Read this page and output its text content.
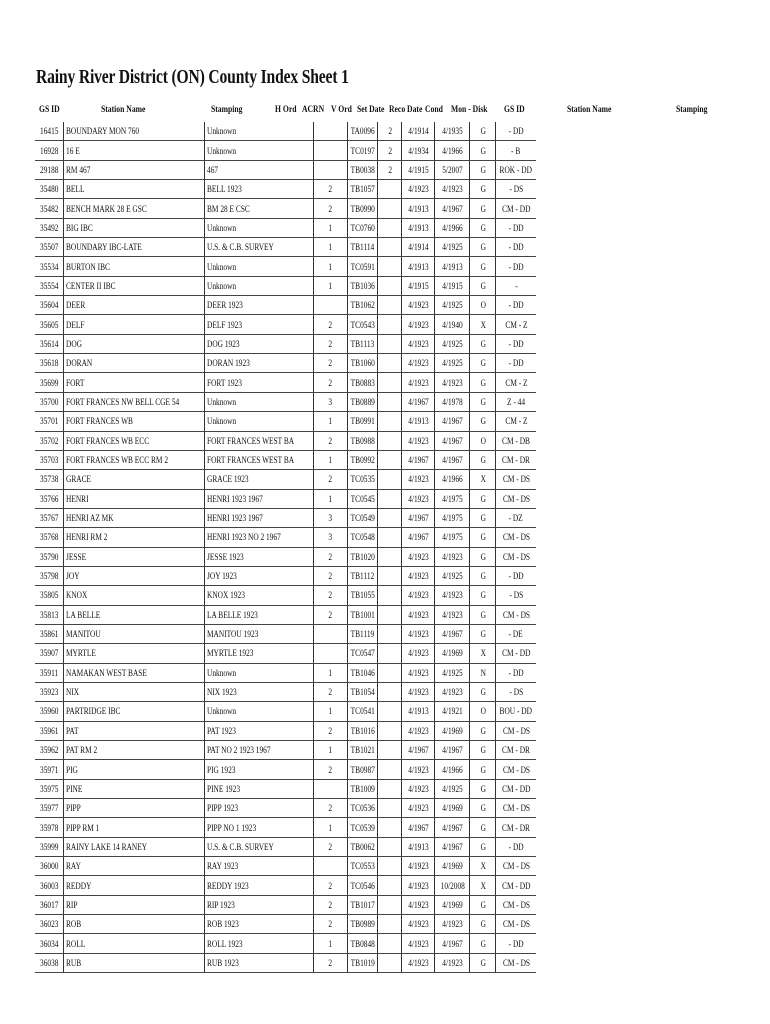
Rainy River District (ON) County Index Sheet 1
GS ID	Station Name	Stamping	H Ord ACRN V Ord Set Date Reco Date Cond Mon - Disk GS ID	Station Name	Stamping
16415	BOUNDARY MON 760	Unknown		TA0096	2	4/1914	4/1935	G	- DD
16928	16 E	Unknown		TC0197	2	4/1934	4/1966	G	- B
29188	RM 467	467		TB0038	2	4/1915	5/2007	G	ROK - DD
35480	BELL	BELL 1923	2	TB1057		4/1923	4/1923	G	- DS
35482	BENCH MARK 28 E GSC	BM 28 E CSC	2	TB0990		4/1913	4/1967	G	CM - DD
35492	BIG IBC	Unknown	1	TC0760		4/1913	4/1966	G	- DD
35507	BOUNDARY IBC-LATE	U.S. & C.B. SURVEY	1	TB1114		4/1914	4/1925	G	- DD
35534	BURTON IBC	Unknown	1	TC0591		4/1913	4/1913	G	- DD
35554	CENTER II IBC	Unknown	1	TB1036		4/1915	4/1915	G	-
35604	DEER	DEER 1923		TB1062		4/1923	4/1925	O	- DD
35605	DELF	DELF 1923	2	TC0543		4/1923	4/1940	X	CM - Z
35614	DOG	DOG 1923	2	TB1113		4/1923	4/1925	G	- DD
35618	DORAN	DORAN 1923	2	TB1060		4/1923	4/1925	G	- DD
35699	FORT	FORT 1923	2	TB0883		4/1923	4/1923	G	CM - Z
35700	FORT FRANCES NW BELL CGE 54	Unknown	3	TB0889		4/1967	4/1978	G	Z - 44
35701	FORT FRANCES WB	Unknown	1	TB0991		4/1913	4/1967	G	CM - Z
35702	FORT FRANCES WB ECC	FORT FRANCES WEST BA	2	TB0988		4/1923	4/1967	O	CM - DB
35703	FORT FRANCES WB ECC RM 2	FORT FRANCES WEST BA	1	TB0992		4/1967	4/1967	G	CM - DR
35738	GRACE	GRACE 1923	2	TC0535		4/1923	4/1966	X	CM - DS
35766	HENRI	HENRI 1923 1967	1	TC0545		4/1923	4/1975	G	CM - DS
35767	HENRI AZ MK	HENRI 1923 1967	3	TC0549		4/1967	4/1975	G	- DZ
35768	HENRI RM 2	HENRI 1923 NO 2 1967	3	TC0548		4/1967	4/1975	G	CM - DS
35790	JESSE	JESSE 1923	2	TB1020		4/1923	4/1923	G	CM - DS
35798	JOY	JOY 1923	2	TB1112		4/1923	4/1925	G	- DD
35805	KNOX	KNOX 1923	2	TB1055		4/1923	4/1923	G	- DS
35813	LA BELLE	LA BELLE 1923	2	TB1001		4/1923	4/1923	G	CM - DS
35861	MANITOU	MANITOU 1923		TB1119		4/1923	4/1967	G	- DE
35907	MYRTLE	MYRTLE 1923		TC0547		4/1923	4/1969	X	CM - DD
35911	NAMAKAN WEST BASE	Unknown	1	TB1046		4/1923	4/1925	N	- DD
35923	NIX	NIX 1923	2	TB1054		4/1923	4/1923	G	- DS
35960	PARTRIDGE IBC	Unknown	1	TC0541		4/1913	4/1921	O	BOU - DD
35961	PAT	PAT 1923	2	TB1016		4/1923	4/1969	G	CM - DS
35962	PAT RM 2	PAT NO 2 1923 1967	1	TB1021		4/1967	4/1967	G	CM - DR
35971	PIG	PIG 1923	2	TB0987		4/1923	4/1966	G	CM - DS
35975	PINE	PINE 1923		TB1009		4/1923	4/1925	G	CM - DD
35977	PIPP	PIPP 1923	2	TC0536		4/1923	4/1969	G	CM - DS
35978	PIPP RM 1	PIPP NO 1 1923	1	TC0539		4/1967	4/1967	G	CM - DR
35999	RAINY LAKE 14 RANEY	U.S. & C.B. SURVEY	2	TB0062		4/1913	4/1967	G	- DD
36000	RAY	RAY 1923		TC0553		4/1923	4/1969	X	CM - DS
36003	REDDY	REDDY 1923	2	TC0546		4/1923	10/2008	X	CM - DD
36017	RIP	RIP 1923	2	TB1017		4/1923	4/1969	G	CM - DS
36023	ROB	ROB 1923	2	TB0989		4/1923	4/1923	G	CM - DS
36034	ROLL	ROLL 1923	1	TB0848		4/1923	4/1967	G	- DD
36038	RUB	RUB 1923	2	TB1019		4/1923	4/1923	G	CM - DS
